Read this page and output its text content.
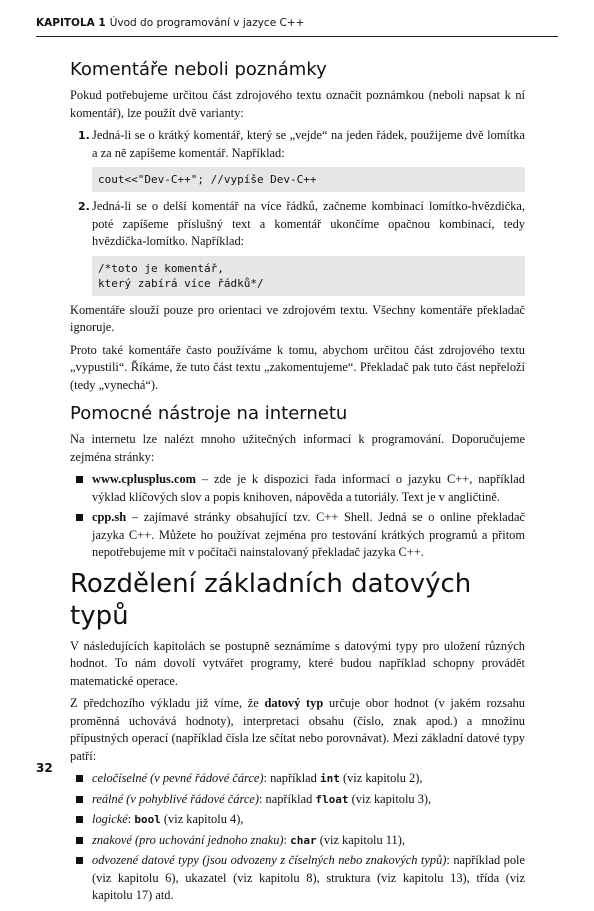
KAPITOLA 1 Úvod do programování v jazyce C++
Komentáře neboli poznámky

Pokud potřebujeme určitou část zdrojového textu označit poznámkou (neboli napsat k ní komentář), lze použít dvě varianty:

1. Jedná-li se o krátký komentář, který se „vejde“ na jeden řádek, použijeme dvě lomítka a za ně zapíšeme komentář. Například:
cout<<"Dev-C++"; //vypíše Dev-C++
2. Jedná-li se o delší komentář na více řádků, začneme kombinací lomítko-hvězdička, poté zapíšeme příslušný text a komentář ukončíme opačnou kombinací, tedy hvězdička-lomítko. Například:
/*toto je komentář,
který zabírá více řádků*/

Komentáře slouží pouze pro orientaci ve zdrojovém textu. Všechny komentáře překladač ignoruje.

Proto také komentáře často používáme k tomu, abychom určitou část zdrojového textu „vypustili“. Říkáme, že tuto část textu „zakomentujeme“. Překladač pak tuto část nepřeloží (tedy „vynechá“).

Pomocné nástroje na internetu

Na internetu lze nalézt mnoho užitečných informací k programování. Doporučujeme zejména stránky:

www.cplusplus.com – zde je k dispozici řada informací o jazyku C++, například výklad klíčových slov a popis knihoven, nápověda a tutoriály. Text je v angličtině.
cpp.sh – zajímavé stránky obsahující tzv. C++ Shell. Jedná se o online překladač jazyka C++. Můžete ho používat zejména pro testování krátkých programů a přitom nepotřebujeme mít v počítači nainstalovaný překladač jazyka C++.
Rozdělení základních datových typů

V následujících kapitolách se postupně seznámíme s datovými typy pro uložení různých hodnot. To nám dovolí vytvářet programy, které budou například schopny provádět matematické operace.

Z předchozího výkladu již víme, že datový typ určuje obor hodnot (v jakém rozsahu proměnná uchovává hodnoty), interpretaci obsahu (číslo, znak apod.) a množinu přípustných operací (například čísla lze sčítat nebo porovnávat). Mezi základní datové typy patří:

celočíselné (v pevné řádové čárce): například int (viz kapitolu 2),
reálné (v pohyblivé řádové čárce): například float (viz kapitolu 3),
logické: bool (viz kapitolu 4),
znakové (pro uchování jednoho znaku): char (viz kapitolu 11),
odvozené datové typy (jsou odvozeny z číselných nebo znakových typů): například pole (viz kapitolu 6), ukazatel (viz kapitolu 8), struktura (viz kapitolu 13), třída (viz kapitolu 17) atd.
32
